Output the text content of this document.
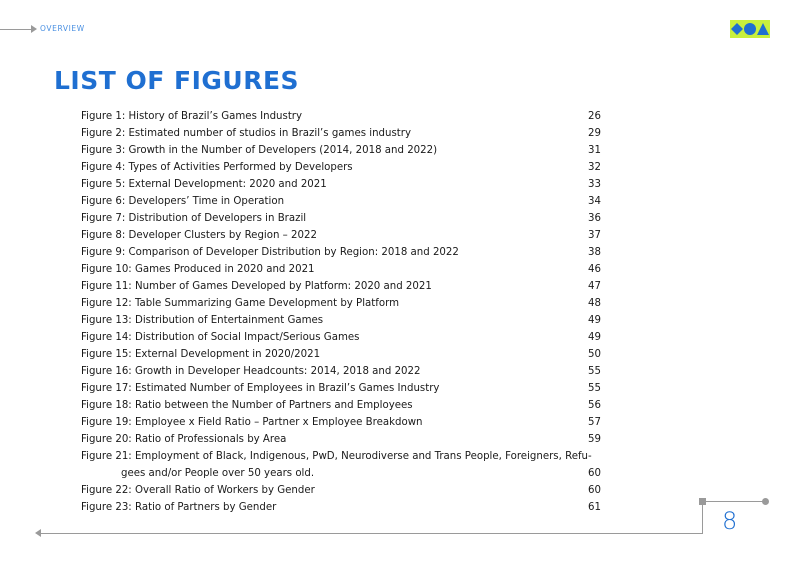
OVERVIEW
LIST OF FIGURES
Figure 1: History of Brazil’s Games Industry	26
Figure 2: Estimated number of studios in Brazil’s games industry	29
Figure 3: Growth in the Number of Developers (2014, 2018 and 2022)	31
Figure 4: Types of Activities Performed by Developers	32
Figure 5: External Development: 2020 and 2021	33
Figure 6: Developers’ Time in Operation	34
Figure 7: Distribution of Developers in Brazil	36
Figure 8: Developer Clusters by Region – 2022	37
Figure 9: Comparison of Developer Distribution by Region: 2018 and 2022	38
Figure 10: Games Produced in 2020 and 2021	46
Figure 11: Number of Games Developed by Platform: 2020 and 2021	47
Figure 12: Table Summarizing Game Development by Platform	48
Figure 13: Distribution of Entertainment Games	49
Figure 14: Distribution of Social Impact/Serious Games	49
Figure 15: External Development in 2020/2021	50
Figure 16: Growth in Developer Headcounts: 2014, 2018 and 2022	55
Figure 17: Estimated Number of Employees in Brazil’s Games Industry	55
Figure 18: Ratio between the Number of Partners and Employees	56
Figure 19: Employee x Field Ratio – Partner x Employee Breakdown	57
Figure 20: Ratio of Professionals by Area	59
Figure 21: Employment of Black, Indigenous, PwD, Neurodiverse and Trans People, Foreigners, Refu-
gees and/or People over 50 years old.	60
Figure 22: Overall Ratio of Workers by Gender	60
Figure 23: Ratio of Partners by Gender	61	8
